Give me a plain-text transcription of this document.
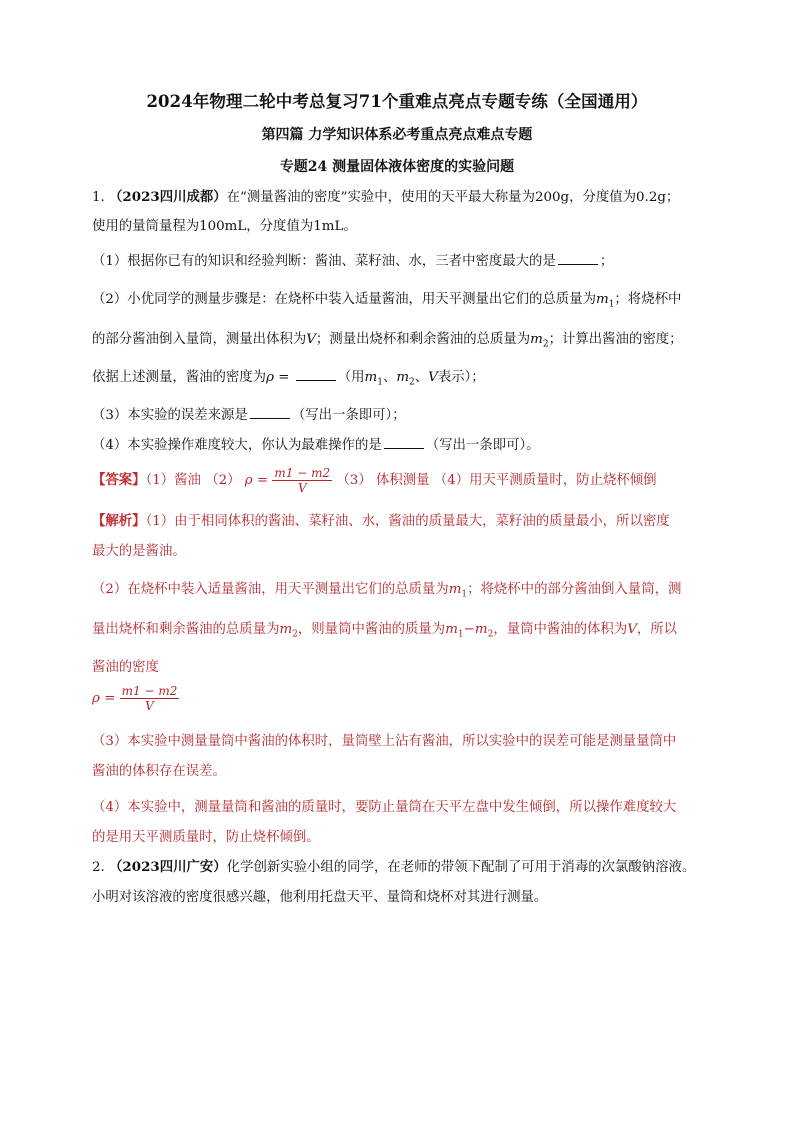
2024年物理二轮中考总复习71个重难点亮点专题专练（全国通用）
第四篇 力学知识体系必考重点亮点难点专题
专题24 测量固体液体密度的实验问题
1. （2023四川成都）在“测量酱油的密度”实验中，使用的天平最大称量为200g，分度值为0.2g；
使用的量筒量程为100mL，分度值为1mL。
（1）根据你已有的知识和经验判断：酱油、菜籽油、水，三者中密度最大的是	；
（2）小优同学的测量步骤是：在烧杯中装入适量酱油，用天平测量出它们的总质量为$m_1$；将烧杯中
的部分酱油倒入量筒，测量出体积为V；测量出烧杯和剩余酱油的总质量为$m_2$；计算出酱油的密度；
依据上述测量，酱油的密度为ρ =	（用$m_1$、$m_2$、V表示）；
（3）本实验的误差来源是	（写出一条即可）；
（4）本实验操作难度较大，你认为最难操作的是	（写出一条即可）。
【答案】（1）酱油 （2） $\rho = \frac{m1 - m2}{V} (3)$ 体积测量 （4）用天平测质量时，防止烧杯倾倒
【解析】（1）由于相同体积的酱油、菜籽油、水，酱油的质量最大，菜籽油的质量最小，所以密度
最大的是酱油。
（2）在烧杯中装入适量酱油，用天平测量出它们的总质量为$m_1$；将烧杯中的部分酱油倒入量筒，测
量出烧杯和剩余酱油的总质量为$m_2$，则量筒中酱油的质量为$m_1-m_2$，量筒中酱油的体积为V，所以
酱油的密度
$\rho = \frac{m1 - m2}{V}$
（3）本实验中测量量筒中酱油的体积时，量筒壁上沾有酱油，所以实验中的误差可能是测量量筒中
酱油的体积存在误差。
（4）本实验中，测量量筒和酱油的质量时，要防止量筒在天平左盘中发生倾倒，所以操作难度较大
的是用天平测质量时，防止烧杯倾倒。
2. （2023四川广安）化学创新实验小组的同学，在老师的带领下配制了可用于消毒的次氯酸钠溶液。
小明对该溶液的密度很感兴趣，他利用托盘天平、量筒和烧杯对其进行测量。
